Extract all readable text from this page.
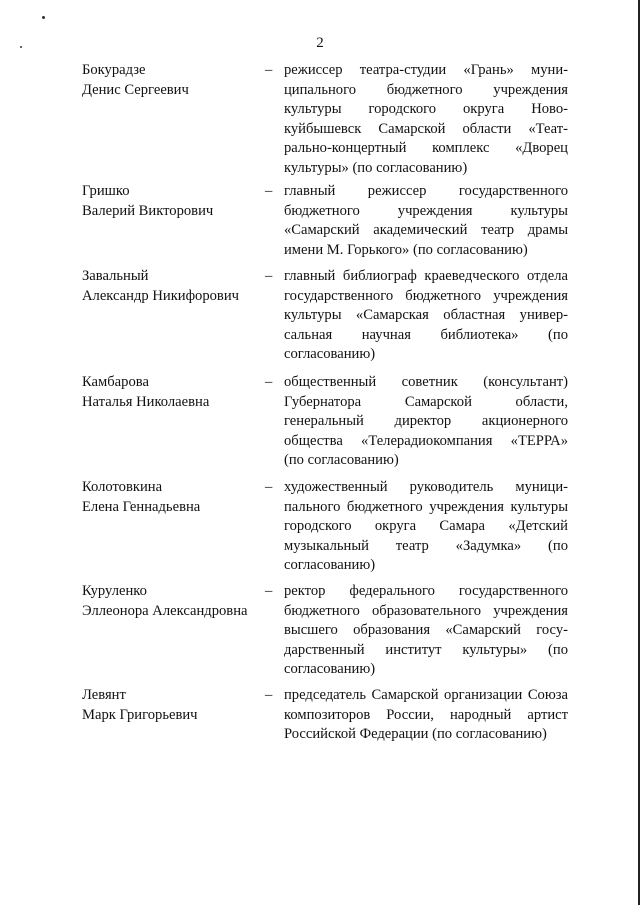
2
Бокурадзе
Денис Сергеевич
– режиссер театра-студии «Грань» муни-
ципального бюджетного учреждения
культуры городского округа Ново-
куйбышевск Самарской области «Теат-
рально-концертный комплекс «Дворец
культуры» (по согласованию)
Гришко
Валерий Викторович
– главный режиссер государственного
бюджетного учреждения культуры
«Самарский академический театр драмы
имени М. Горького» (по согласованию)
Завальный
Александр Никифорович
– главный библиограф краеведческого отдела
государственного бюджетного учреждения
культуры «Самарская областная универ-
сальная научная библиотека» (по
согласованию)
Камбарова
Наталья Николаевна
– общественный советник (консультант)
Губернатора Самарской области,
генеральный директор акционерного
общества «Телерадиокомпания «ТЕРРА»
(по согласованию)
Колотовкина
Елена Геннадьевна
– художественный руководитель муници-
пального бюджетного учреждения культуры
городского округа Самара «Детский
музыкальный театр «Задумка» (по
согласованию)
Куруленко
Эллеонора Александровна
– ректор федерального государственного
бюджетного образовательного учреждения
высшего образования «Самарский госу-
дарственный институт культуры» (по
согласованию)
Левянт
Марк Григорьевич
– председатель Самарской организации Союза
композиторов России, народный артист
Российской Федерации (по согласованию)
